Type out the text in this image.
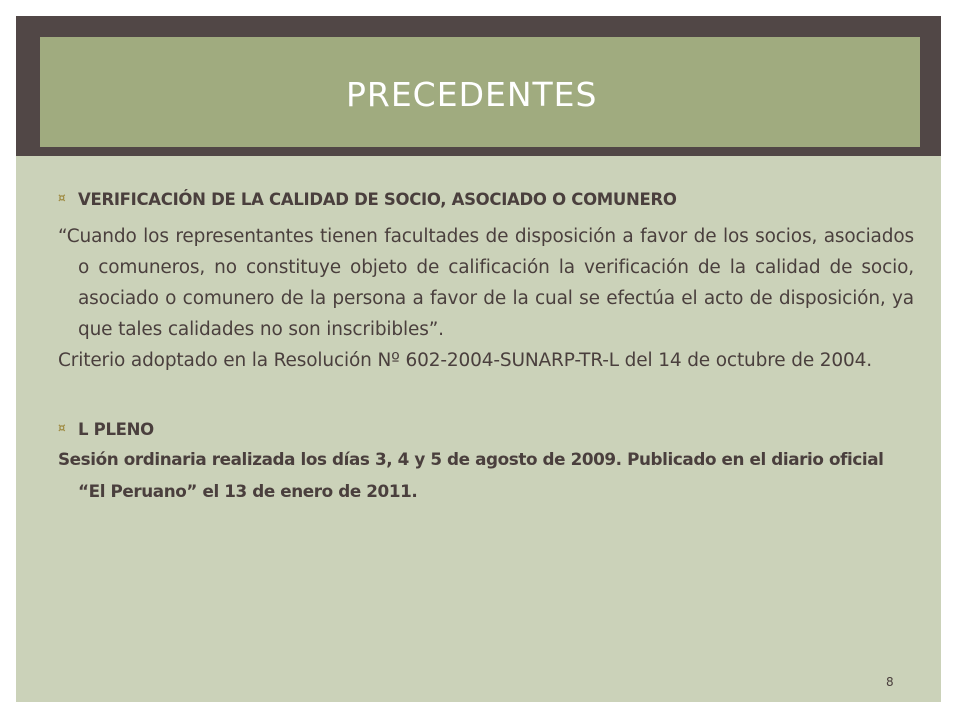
PRECEDENTES
¤ VERIFICACIÓN DE LA CALIDAD DE SOCIO, ASOCIADO O COMUNERO
“Cuando los representantes tienen facultades de disposición a favor de los socios, asociados o comuneros, no constituye objeto de calificación la verificación de la calidad de socio, asociado o comunero de la persona a favor de la cual se efectúa el acto de disposición, ya que tales calidades no son inscribibles”.
Criterio adoptado en la Resolución Nº 602-2004-SUNARP-TR-L del 14 de octubre de 2004.
¤ L PLENO
Sesión ordinaria realizada los días 3, 4 y 5 de agosto de 2009. Publicado en el diario oficial “El Peruano” el 13 de enero de 2011.
8
